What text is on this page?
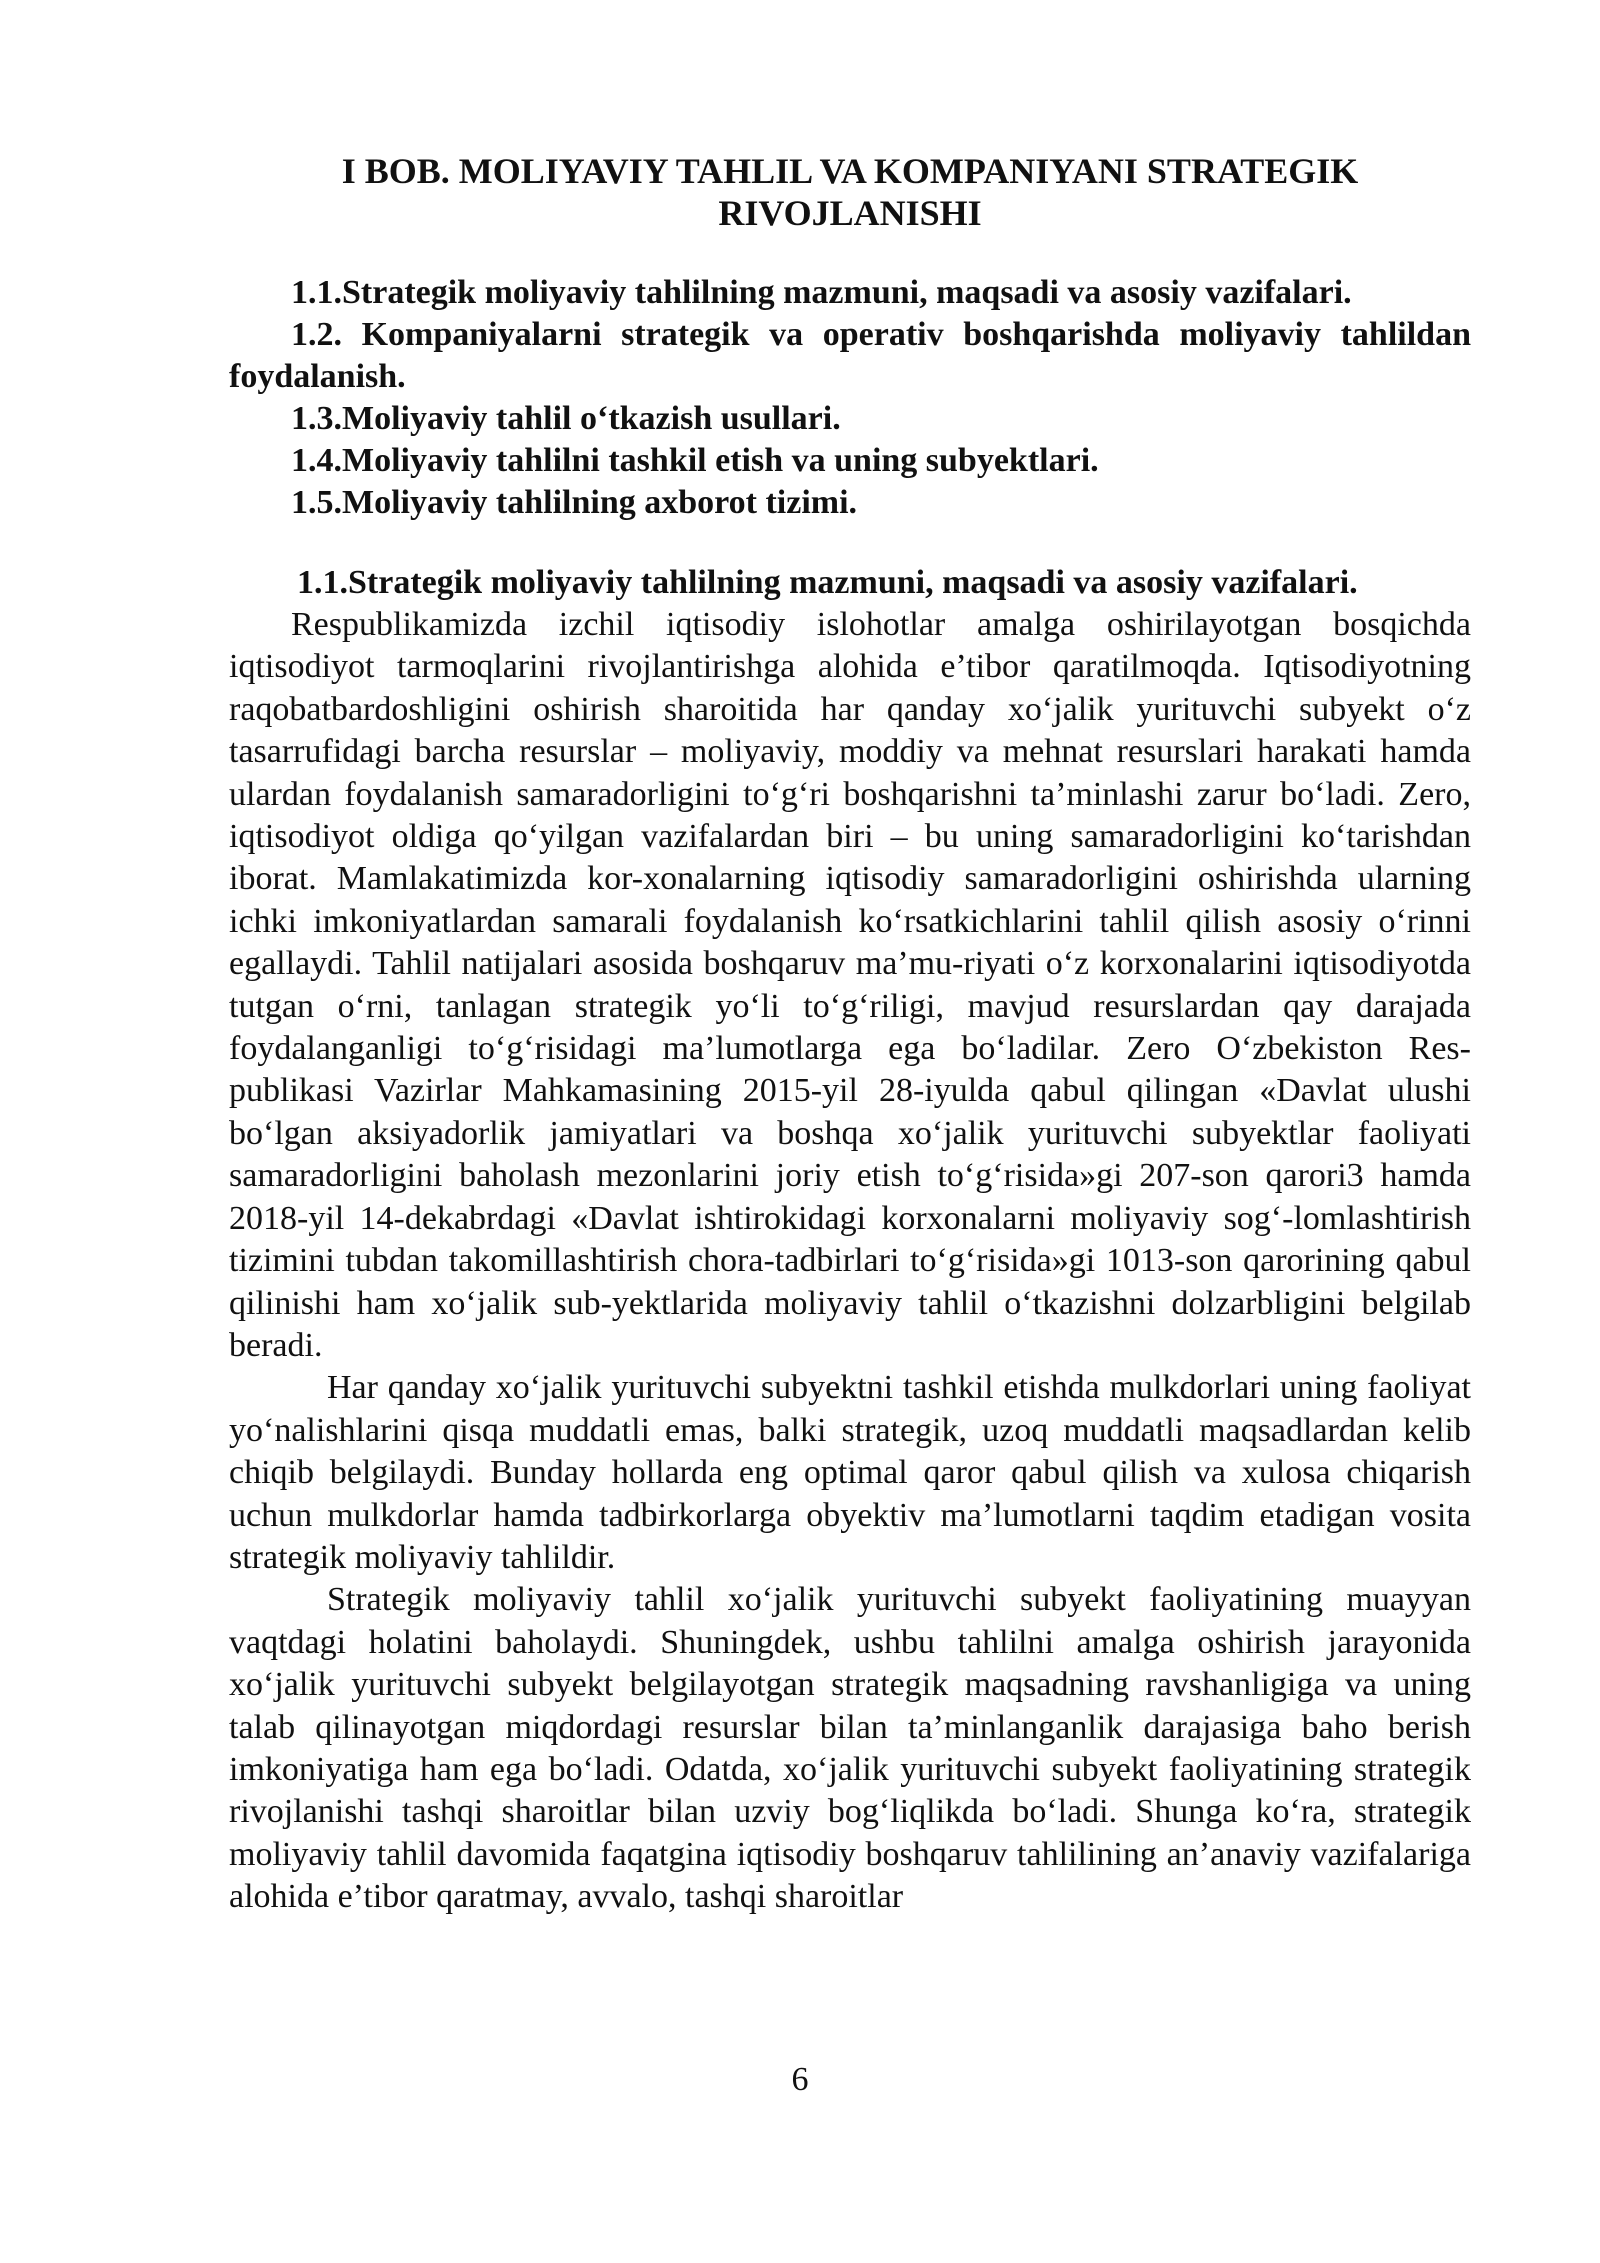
I BOB. MOLIYAVIY TAHLIL VA KOMPANIYANI STRATEGIK RIVOJLANISHI

1.1.Strategik moliyaviy tahlilning mazmuni, maqsadi va asosiy vazifalari.

1.2. Kompaniyalarni strategik va operativ boshqarishda moliyaviy tahlildan foydalanish.

1.3.Moliyaviy tahlil o‘tkazish usullari.

1.4.Moliyaviy tahlilni tashkil etish va uning subyektlari.

1.5.Moliyaviy tahlilning axborot tizimi.

1.1.Strategik moliyaviy tahlilning mazmuni, maqsadi va asosiy vazifalari.

Respublikamizda izchil iqtisodiy islohotlar amalga oshirilayotgan bosqichda iqtisodiyot tarmoqlarini rivojlantirishga alohida e’tibor qaratilmoqda. Iqtisodiyotning raqobatbardoshligini oshirish sharoitida har qanday xo‘jalik yurituvchi subyekt o‘z tasarrufidagi barcha resurslar – moliyaviy, moddiy va mehnat resurslari harakati hamda ulardan foydalanish samaradorligini to‘g‘ri boshqarishni ta’minlashi zarur bo‘ladi. Zero, iqtisodiyot oldiga qo‘yilgan vazifalardan biri – bu uning samaradorligini ko‘tarishdan iborat. Mamlakatimizda kor-xonalarning iqtisodiy samaradorligini oshirishda ularning ichki imkoniyatlardan samarali foydalanish ko‘rsatkichlarini tahlil qilish asosiy o‘rinni egallaydi. Tahlil natijalari asosida boshqaruv ma’mu-riyati o‘z korxonalarini iqtisodiyotda tutgan o‘rni, tanlagan strategik yo‘li to‘g‘riligi, mavjud resurslardan qay darajada foydalanganligi to‘g‘risidagi ma’lumotlarga ega bo‘ladilar. Zero O‘zbekiston Res-publikasi Vazirlar Mahkamasining 2015-yil 28-iyulda qabul qilingan «Davlat ulushi bo‘lgan aksiyadorlik jamiyatlari va boshqa xo‘jalik yurituvchi subyektlar faoliyati samaradorligini baholash mezonlarini joriy etish to‘g‘risida»gi 207-son qarori3 hamda 2018-yil 14-dekabrdagi «Davlat ishtirokidagi korxonalarni moliyaviy sog‘-lomlashtirish tizimini tubdan takomillashtirish chora-tadbirlari to‘g‘risida»gi 1013-son qarorining qabul qilinishi ham xo‘jalik sub-yektlarida moliyaviy tahlil o‘tkazishni dolzarbligini belgilab beradi.

Har qanday xo‘jalik yurituvchi subyektni tashkil etishda mulkdorlari uning faoliyat yo‘nalishlarini qisqa muddatli emas, balki strategik, uzoq muddatli maqsadlardan kelib chiqib belgilaydi. Bunday hollarda eng optimal qaror qabul qilish va xulosa chiqarish uchun mulkdorlar hamda tadbirkorlarga obyektiv ma’lumotlarni taqdim etadigan vosita strategik moliyaviy tahlildir.

Strategik moliyaviy tahlil xo‘jalik yurituvchi subyekt faoliyatining muayyan vaqtdagi holatini baholaydi. Shuningdek, ushbu tahlilni amalga oshirish jarayonida xo‘jalik yurituvchi subyekt belgilayotgan strategik maqsadning ravshanligiga va uning talab qilinayotgan miqdordagi resurslar bilan ta’minlanganlik darajasiga baho berish imkoniyatiga ham ega bo‘ladi. Odatda, xo‘jalik yurituvchi subyekt faoliyatining strategik rivojlanishi tashqi sharoitlar bilan uzviy bog‘liqlikda bo‘ladi. Shunga ko‘ra, strategik moliyaviy tahlil davomida faqatgina iqtisodiy boshqaruv tahlilining an’anaviy vazifalariga alohida e’tibor qaratmay, avvalo, tashqi sharoitlar

6
